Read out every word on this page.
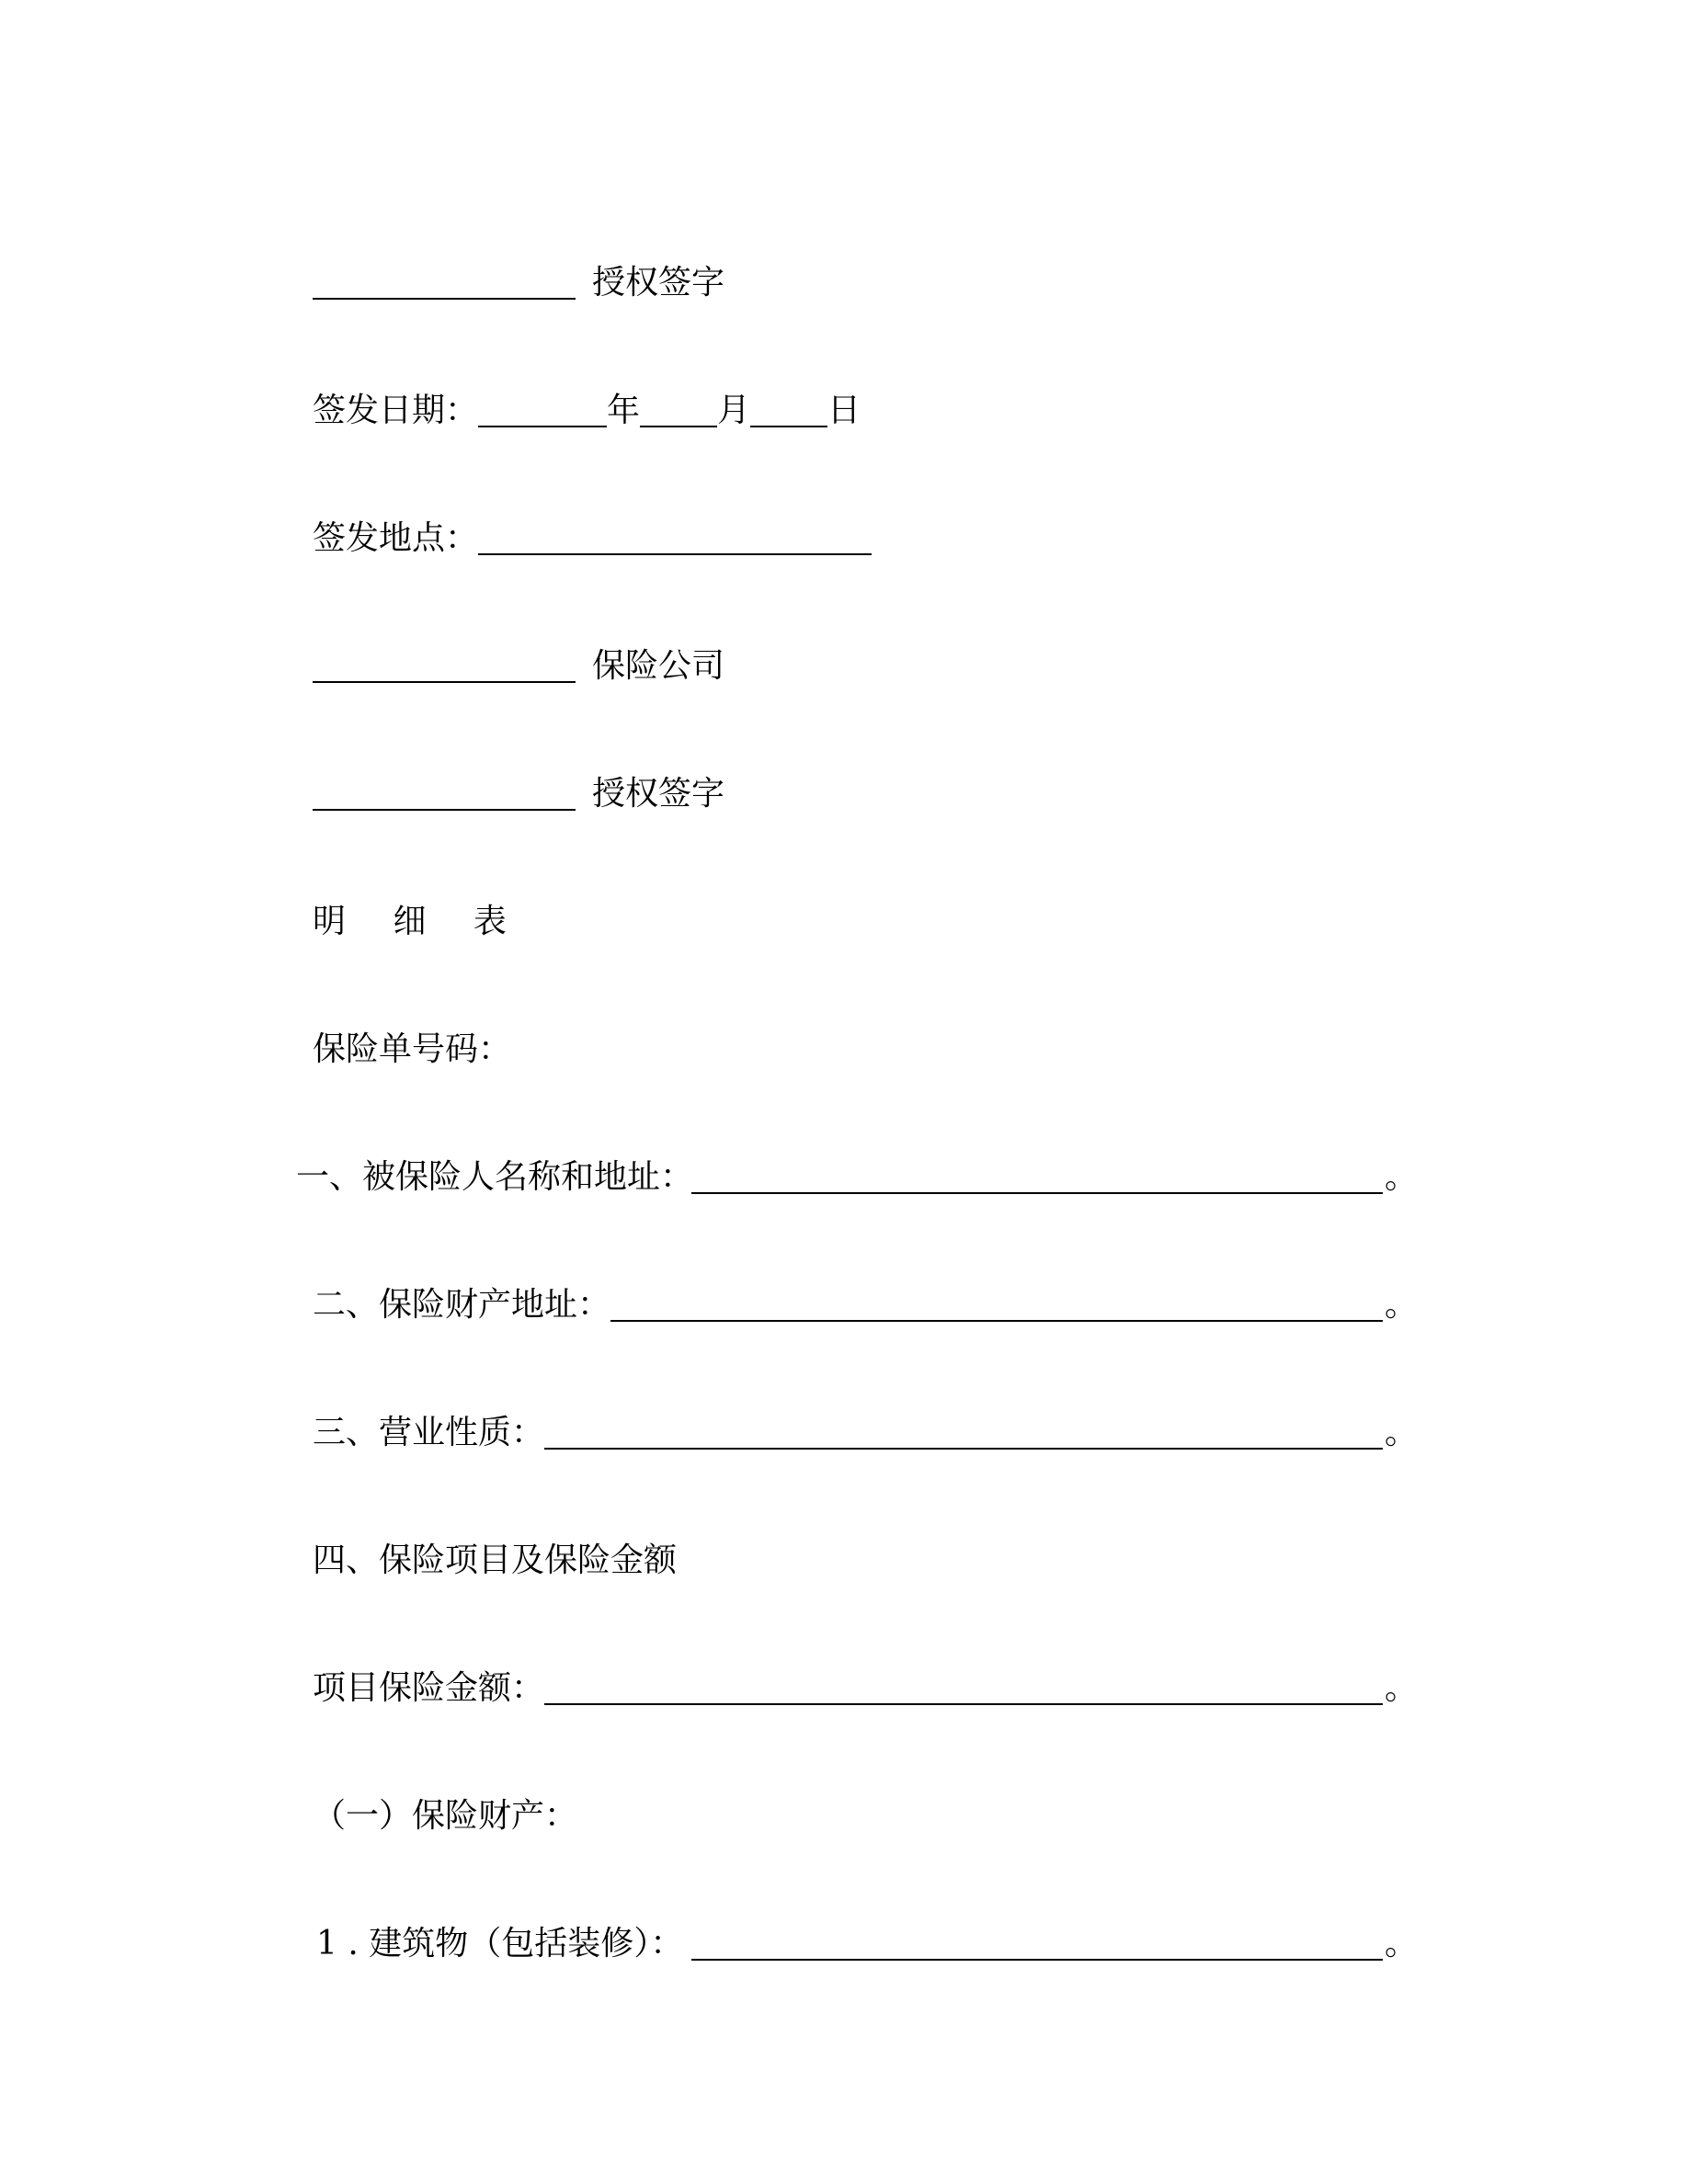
授权签字
签发日期：	年 月 日
签发地点：
保险公司
授权签字
明 细 表
保险单号码：
一、被保险人名称和地址：	。
二、保险财产地址：	。
三、营业性质：	。
四、保险项目及保险金额
项目保险金额：	。
（一）保险财产：
1 . 建筑物（包括装修）：	。
